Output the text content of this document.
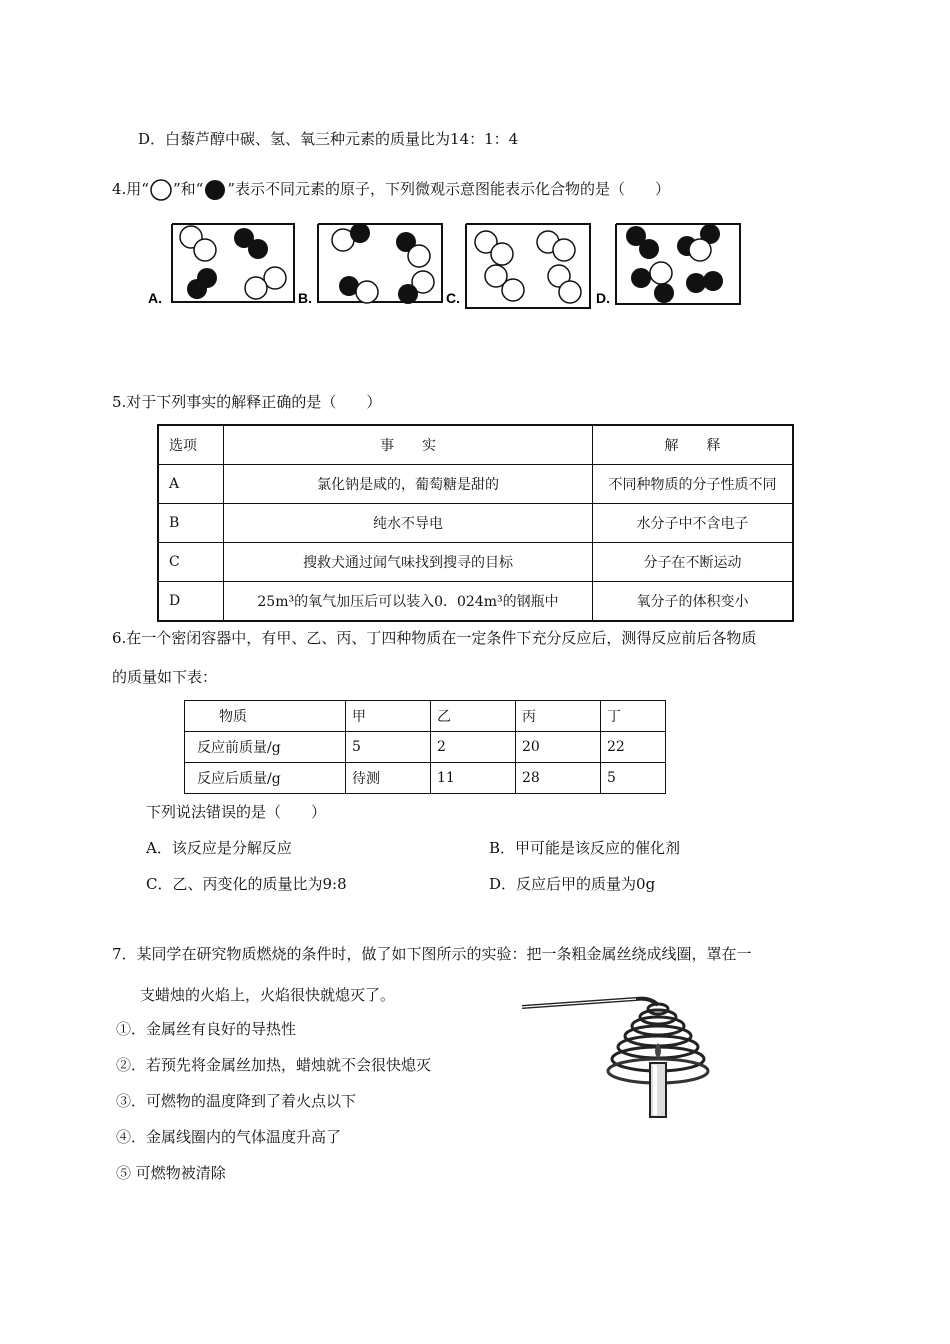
D．白藜芦醇中碳、氢、氧三种元素的质量比为14：1：4
4.用“ ”和“ ”表示不同元素的原子，下列微观示意图能表示化合物的是（　　）
A.	B.	C.	D.
5.对于下列事实的解释正确的是（　　）
选项	事　　实	解　　释
A	氯化钠是咸的，葡萄糖是甜的	不同种物质的分子性质不同
B	纯水不导电	水分子中不含电子
C	搜救犬通过闻气味找到搜寻的目标	分子在不断运动
D	25m³的氧气加压后可以装入0．024m³的钢瓶中	氧分子的体积变小
6.在一个密闭容器中，有甲、乙、丙、丁四种物质在一定条件下充分反应后，测得反应前后各物质
的质量如下表：
物质	甲	乙	丙	丁
反应前质量/g	5	2	20	22
反应后质量/g	待测	11	28	5
下列说法错误的是（　　）
A．该反应是分解反应	B．甲可能是该反应的催化剂
C．乙、丙变化的质量比为9:8	D．反应后甲的质量为0g
7．某同学在研究物质燃烧的条件时，做了如下图所示的实验：把一条粗金属丝绕成线圈，罩在一
支蜡烛的火焰上，火焰很快就熄灭了。
①．金属丝有良好的导热性
②．若预先将金属丝加热，蜡烛就不会很快熄灭
③．可燃物的温度降到了着火点以下
④．金属线圈内的气体温度升高了
⑤ 可燃物被清除
